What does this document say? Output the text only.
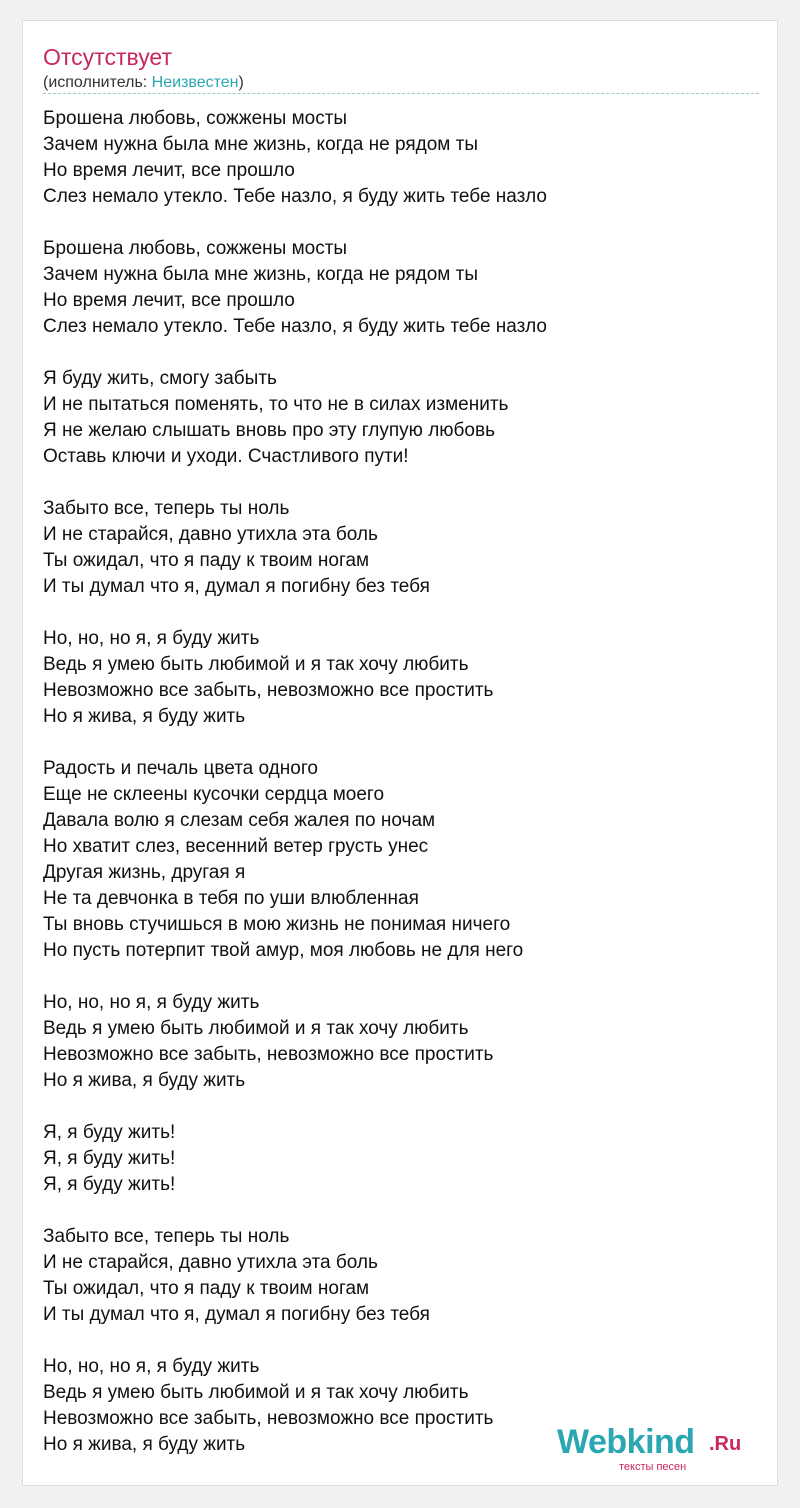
Отсутствует
(исполнитель: Неизвестен)
Брошена любовь, сожжены мосты
Зачем нужна была мне жизнь, когда не рядом ты
Но время лечит, все прошло
Слез немало утекло. Тебе назло, я буду жить тебе назло
Брошена любовь, сожжены мосты
Зачем нужна была мне жизнь, когда не рядом ты
Но время лечит, все прошло
Слез немало утекло. Тебе назло, я буду жить тебе назло
Я буду жить, смогу забыть
И не пытаться поменять, то что не в силах изменить
Я не желаю слышать вновь про эту глупую любовь
Оставь ключи и уходи. Счастливого пути!
Забыто все, теперь ты ноль
И не старайся, давно утихла эта боль
Ты ожидал, что я паду к твоим ногам
И ты думал что я, думал я погибну без тебя
Но, но, но я, я буду жить
Ведь я умею быть любимой и я так хочу любить
Невозможно все забыть, невозможно все простить
Но я жива, я буду жить
Радость и печаль цвета одного
Еще не склеены кусочки сердца моего
Давала волю я слезам себя жалея по ночам
Но хватит слез, весенний ветер грусть унес
Другая жизнь, другая я
Не та девчонка в тебя по уши влюбленная
Ты вновь стучишься в мою жизнь не понимая ничего
Но пусть потерпит твой амур, моя любовь не для него
Но, но, но я, я буду жить
Ведь я умею быть любимой и я так хочу любить
Невозможно все забыть, невозможно все простить
Но я жива, я буду жить
Я, я буду жить!
Я, я буду жить!
Я, я буду жить!
Забыто все, теперь ты ноль
И не старайся, давно утихла эта боль
Ты ожидал, что я паду к твоим ногам
И ты думал что я, думал я погибну без тебя
Но, но, но я, я буду жить
Ведь я умею быть любимой и я так хочу любить
Невозможно все забыть, невозможно все простить
Но я жива, я буду жить	Webkind .Ru
тексты песен
